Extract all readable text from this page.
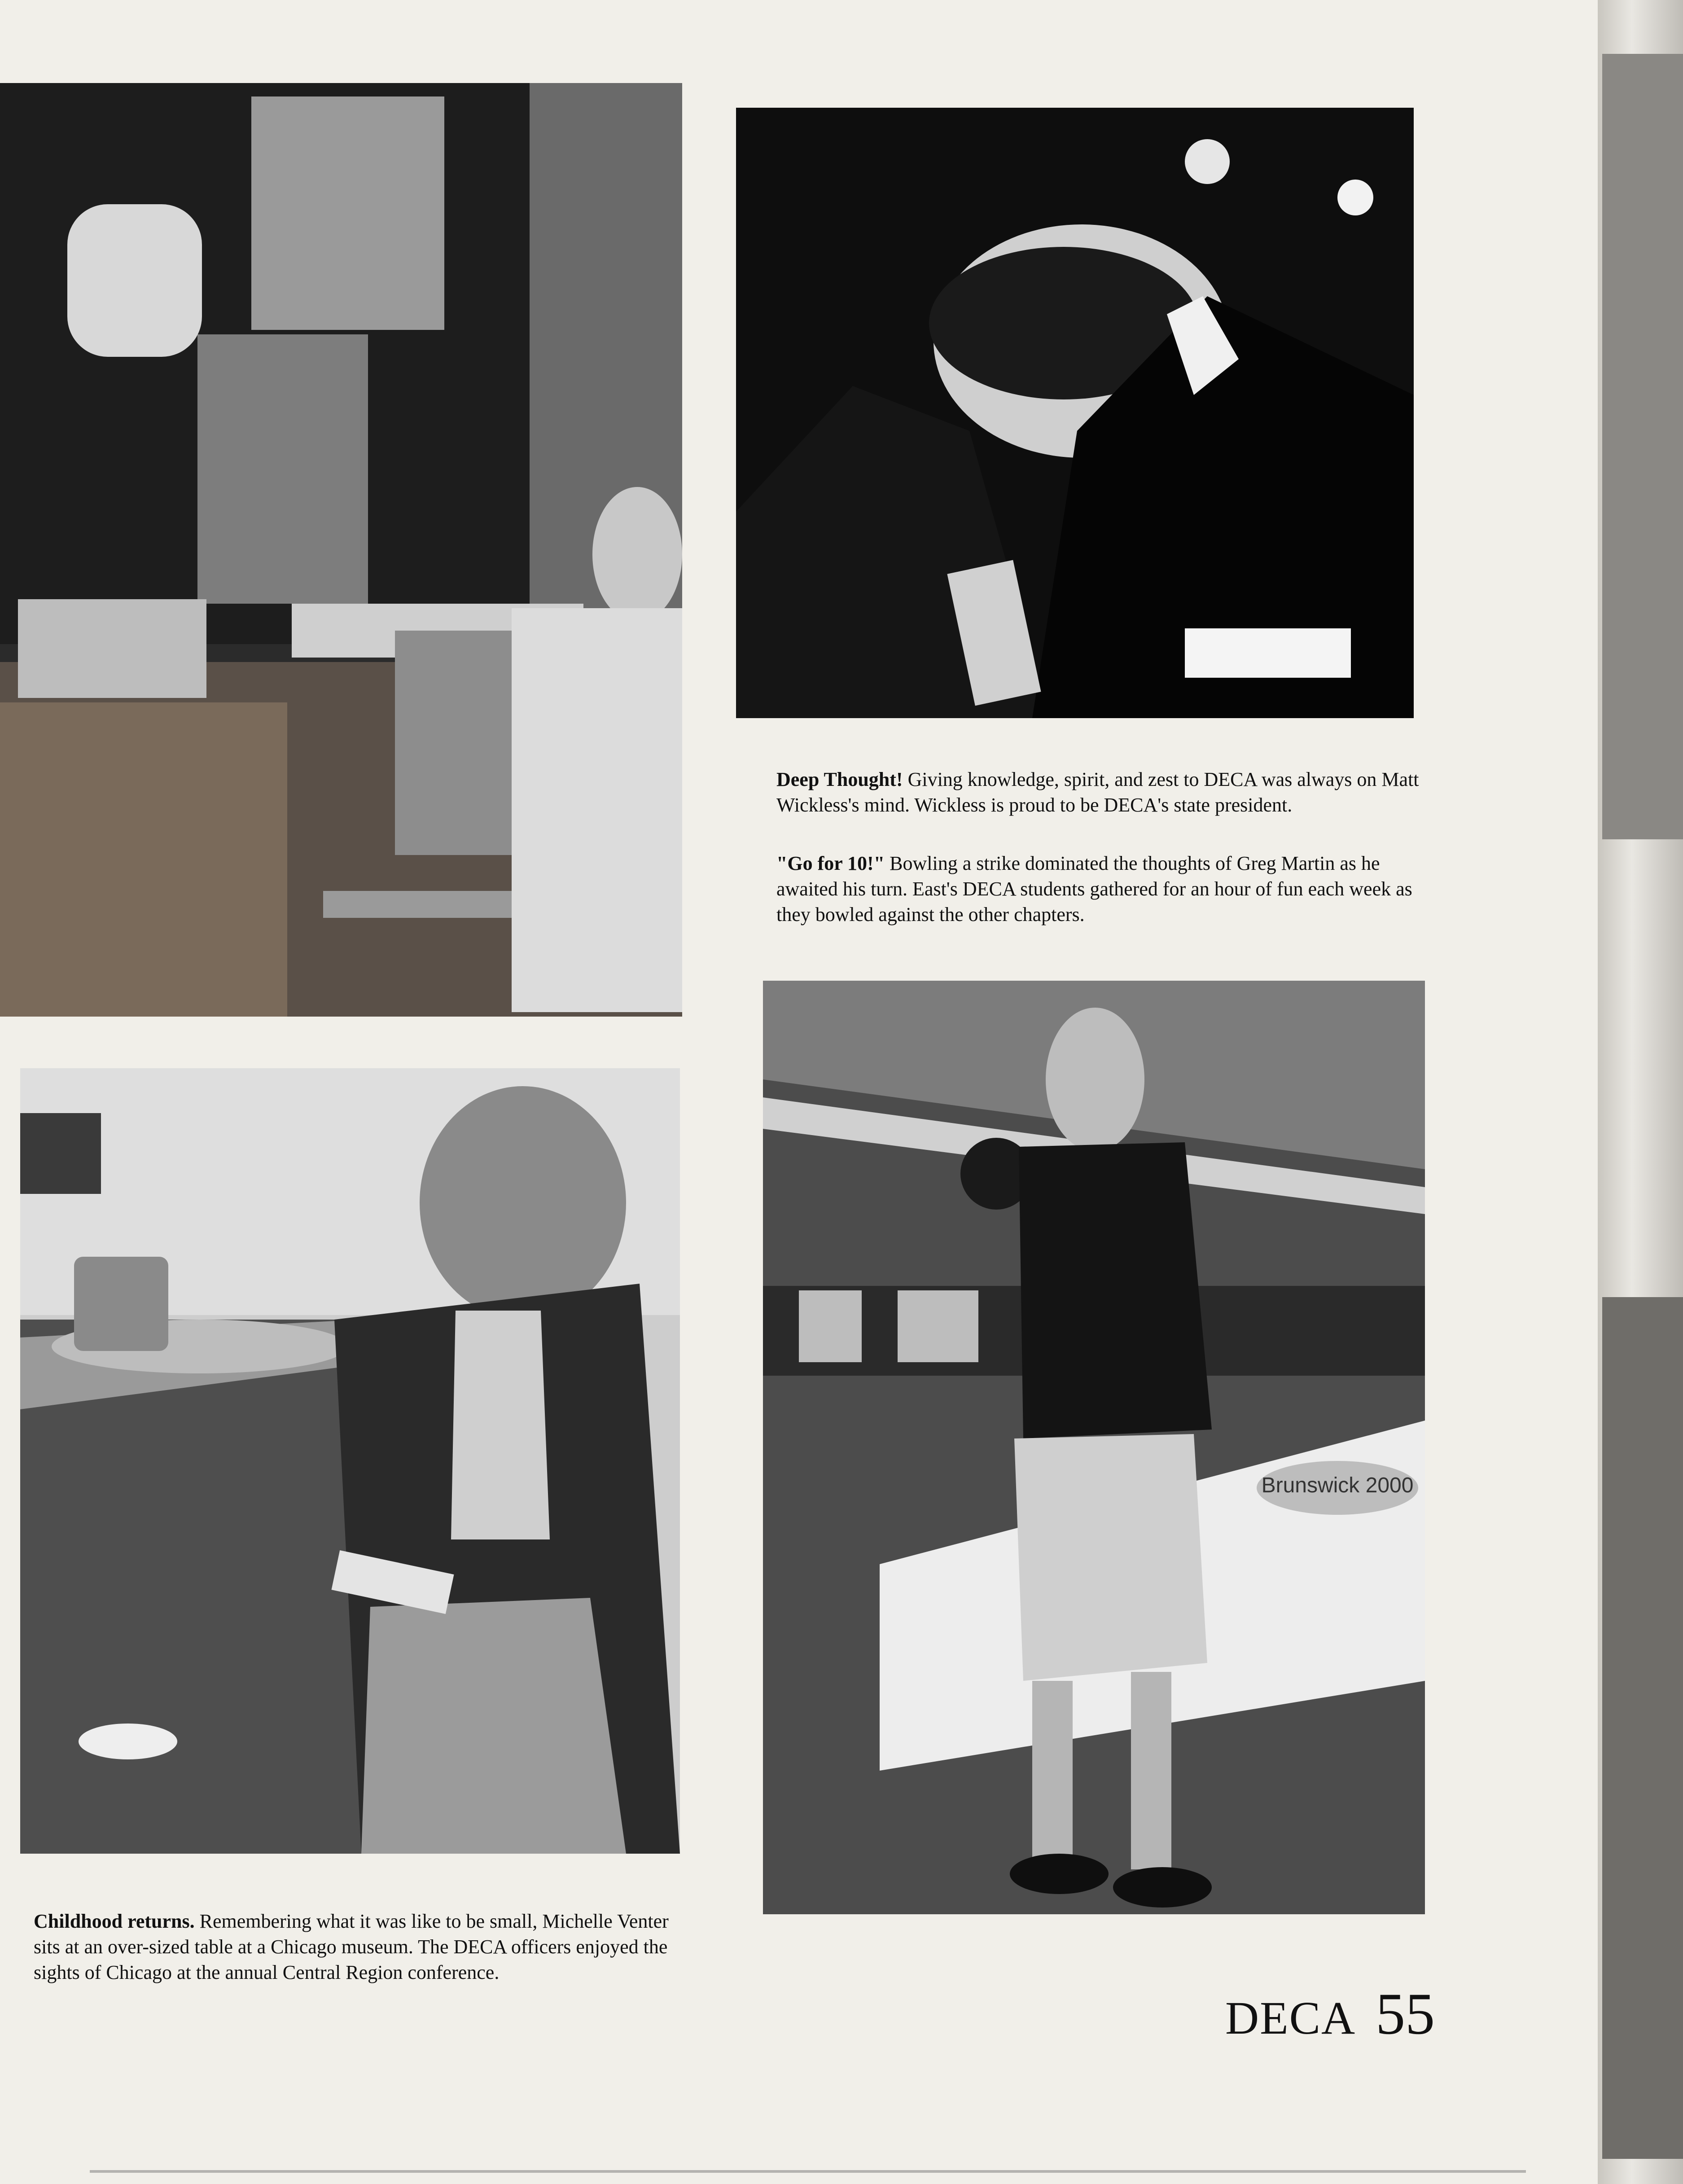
Deep Thought! Giving knowledge, spirit, and zest to DECA was always on Matt Wickless's mind. Wickless is proud to be DECA's state president.
"Go for 10!" Bowling a strike dominated the thoughts of Greg Martin as he awaited his turn. East's DECA students gathered for an hour of fun each week as they bowled against the other chapters.
Brunswick 2000
Childhood returns. Remembering what it was like to be small, Michelle Venter sits at an over-sized table at a Chicago museum. The DECA officers enjoyed the sights of Chicago at the annual Central Region conference.
DECA 55
